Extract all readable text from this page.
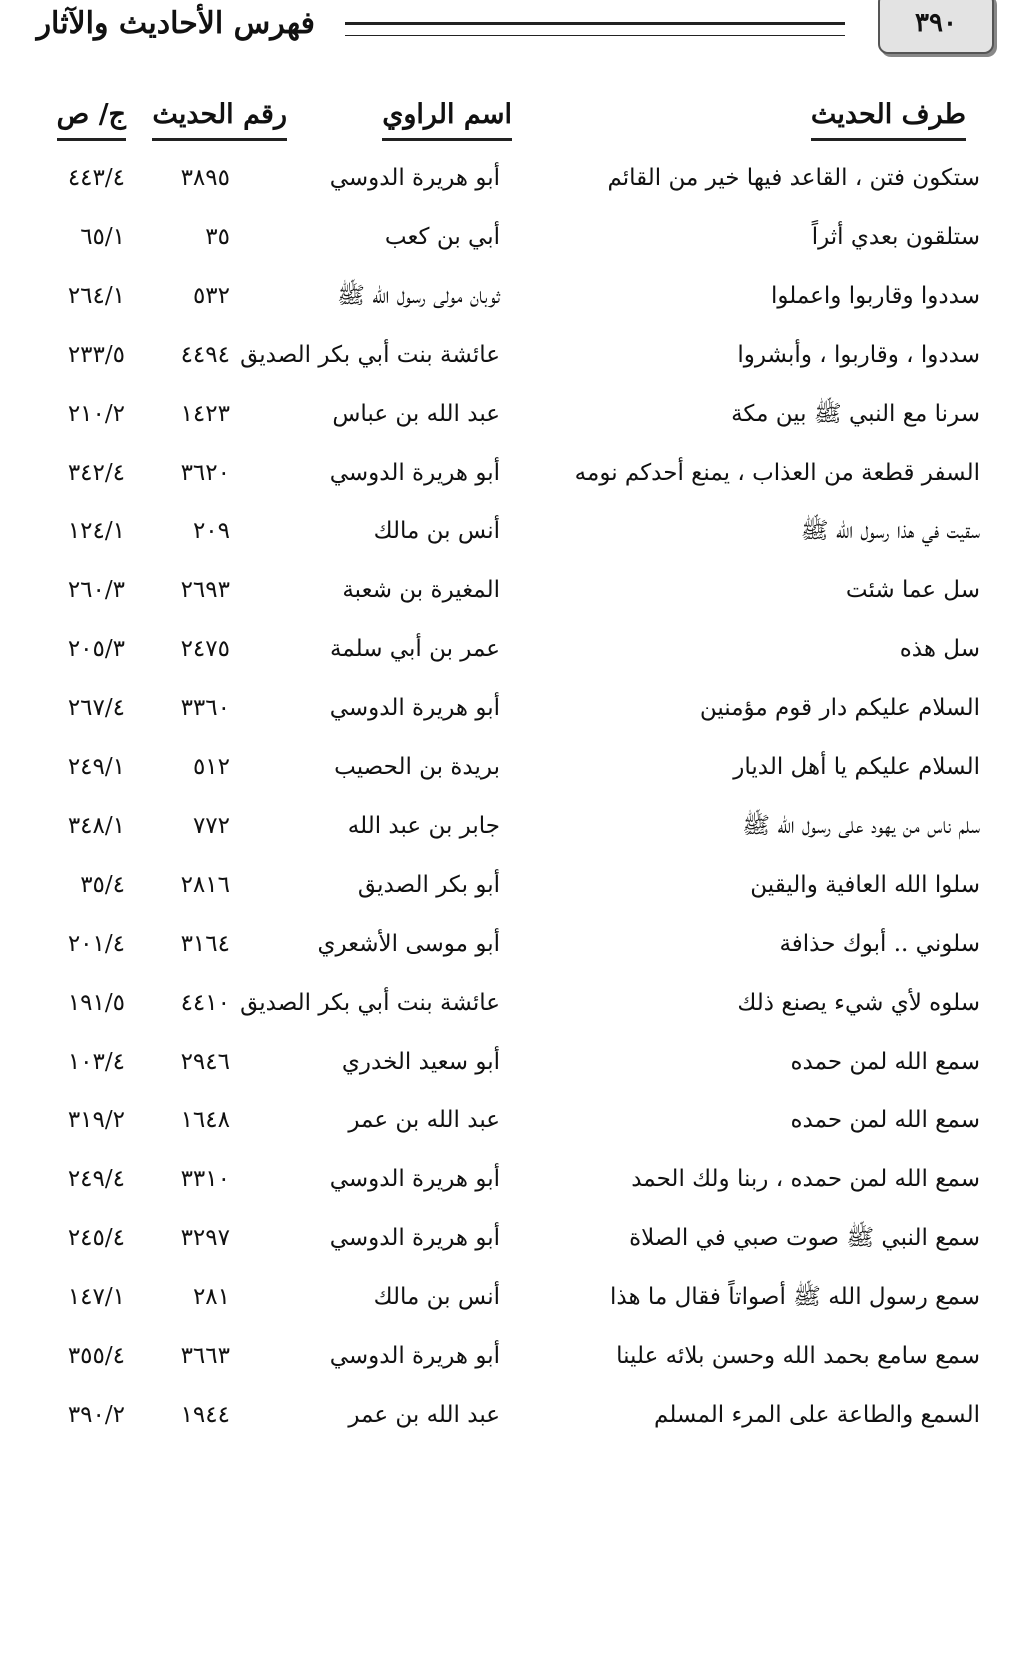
٣٩٠
فهرس الأحاديث والآثار
طرف الحديث
اسم الراوي
رقم الحديث
ج/ ص
ستكون فتن ، القاعد فيها خير من القائم
أبو هريرة الدوسي
٣٨٩٥
٤٤٣/٤
ستلقون بعدي أثراً
أبي بن كعب
٣٥
٦٥/١
سددوا وقاربوا واعملوا
ثوبان مولى رسول الله ﷺ
٥٣٢
٢٦٤/١
سددوا ، وقاربوا ، وأبشروا
عائشة بنت أبي بكر الصديق
٤٤٩٤
٢٣٣/٥
سرنا مع النبي ﷺ بين مكة
عبد الله بن عباس
١٤٢٣
٢١٠/٢
السفر قطعة من العذاب ، يمنع أحدكم نومه
أبو هريرة الدوسي
٣٦٢٠
٣٤٢/٤
سقيت في هذا رسول الله ﷺ
أنس بن مالك
٢٠٩
١٢٤/١
سل عما شئت
المغيرة بن شعبة
٢٦٩٣
٢٦٠/٣
سل هذه
عمر بن أبي سلمة
٢٤٧٥
٢٠٥/٣
السلام عليكم دار قوم مؤمنين
أبو هريرة الدوسي
٣٣٦٠
٢٦٧/٤
السلام عليكم يا أهل الديار
بريدة بن الحصيب
٥١٢
٢٤٩/١
سلم ناس من يهود على رسول الله ﷺ
جابر بن عبد الله
٧٧٢
٣٤٨/١
سلوا الله العافية واليقين
أبو بكر الصديق
٢٨١٦
٣٥/٤
سلوني .. أبوك حذافة
أبو موسى الأشعري
٣١٦٤
٢٠١/٤
سلوه لأي شيء يصنع ذلك
عائشة بنت أبي بكر الصديق
٤٤١٠
١٩١/٥
سمع الله لمن حمده
أبو سعيد الخدري
٢٩٤٦
١٠٣/٤
سمع الله لمن حمده
عبد الله بن عمر
١٦٤٨
٣١٩/٢
سمع الله لمن حمده ، ربنا ولك الحمد
أبو هريرة الدوسي
٣٣١٠
٢٤٩/٤
سمع النبي ﷺ صوت صبي في الصلاة
أبو هريرة الدوسي
٣٢٩٧
٢٤٥/٤
سمع رسول الله ﷺ أصواتاً فقال ما هذا
أنس بن مالك
٢٨١
١٤٧/١
سمع سامع بحمد الله وحسن بلائه علينا
أبو هريرة الدوسي
٣٦٦٣
٣٥٥/٤
السمع والطاعة على المرء المسلم
عبد الله بن عمر
١٩٤٤
٣٩٠/٢
